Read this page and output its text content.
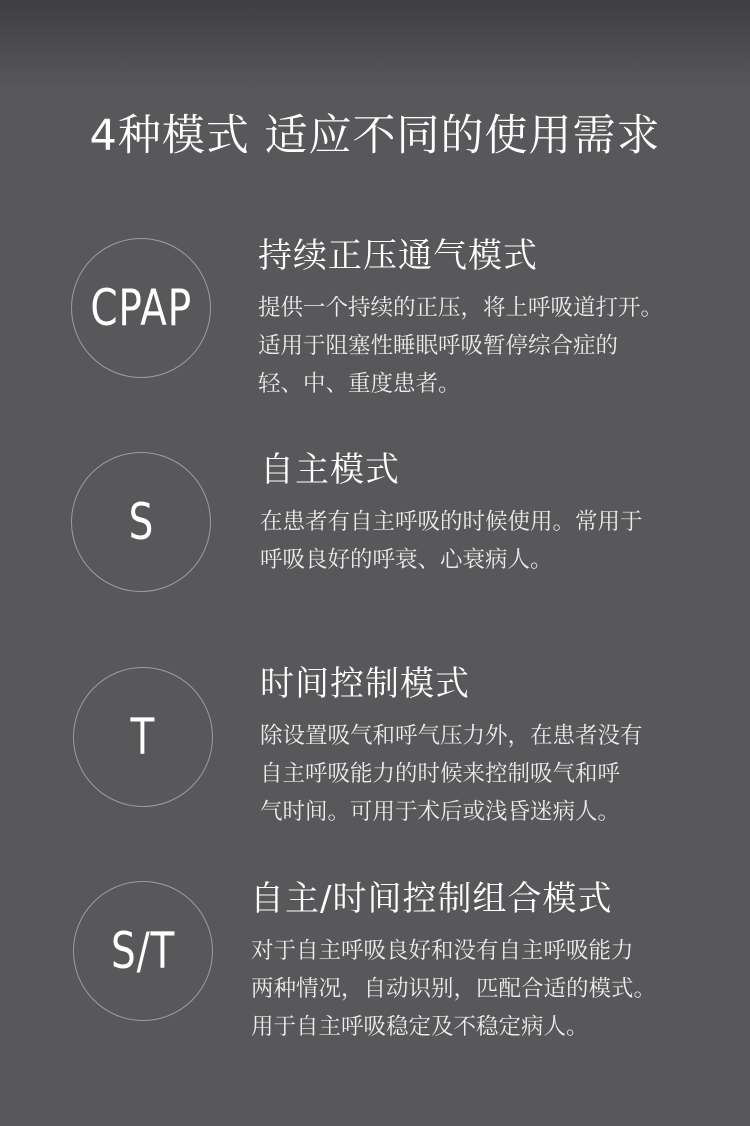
4种模式 适应不同的使用需求
CPAP
持续正压通气模式
提供一个持续的正压，将上呼吸道打开。
适用于阻塞性睡眠呼吸暂停综合症的
轻、中、重度患者。
S
自主模式
在患者有自主呼吸的时候使用。常用于
呼吸良好的呼衰、心衰病人。
T
时间控制模式
除设置吸气和呼气压力外，在患者没有
自主呼吸能力的时候来控制吸气和呼
气时间。可用于术后或浅昏迷病人。
S/T
自主/时间控制组合模式
对于自主呼吸良好和没有自主呼吸能力
两种情况，自动识别，匹配合适的模式。
用于自主呼吸稳定及不稳定病人。
